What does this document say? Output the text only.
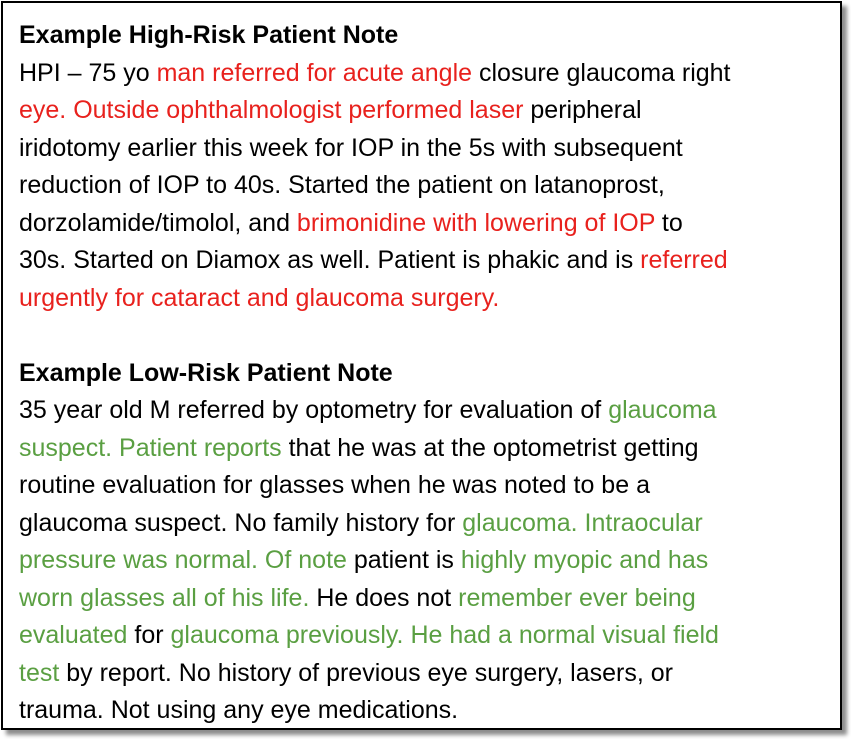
Example High-Risk Patient Note
HPI – 75 yo man referred for acute angle closure glaucoma right
eye. Outside ophthalmologist performed laser peripheral
iridotomy earlier this week for IOP in the 5s with subsequent
reduction of IOP to 40s. Started the patient on latanoprost,
dorzolamide/timolol, and brimonidine with lowering of IOP to
30s. Started on Diamox as well. Patient is phakic and is referred
urgently for cataract and glaucoma surgery.
Example Low-Risk Patient Note
35 year old M referred by optometry for evaluation of glaucoma
suspect. Patient reports that he was at the optometrist getting
routine evaluation for glasses when he was noted to be a
glaucoma suspect. No family history for glaucoma. Intraocular
pressure was normal. Of note patient is highly myopic and has
worn glasses all of his life. He does not remember ever being
evaluated for glaucoma previously. He had a normal visual field
test by report. No history of previous eye surgery, lasers, or
trauma. Not using any eye medications.
